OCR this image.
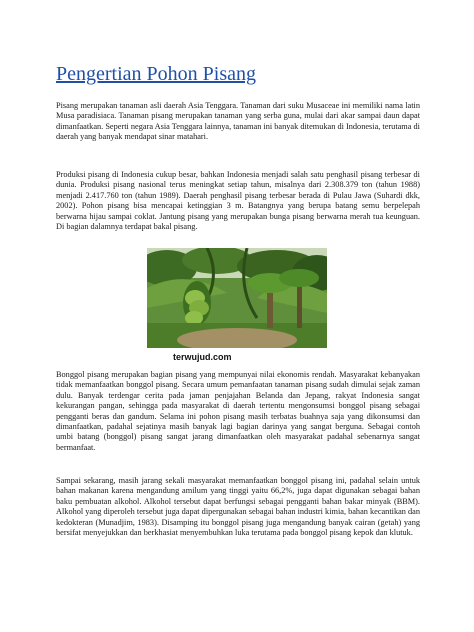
Pengertian Pohon Pisang

Pisang merupakan tanaman asli daerah Asia Tenggara. Tanaman dari suku Musaceae ini memiliki nama latin Musa paradisiaca. Tanaman pisang merupakan tanaman yang serba guna, mulai dari akar sampai daun dapat dimanfaatkan. Seperti negara Asia Tenggara lainnya, tanaman ini banyak ditemukan di Indonesia, terutama di daerah yang banyak mendapat sinar matahari.

Produksi pisang di Indonesia cukup besar, bahkan Indonesia menjadi salah satu penghasil pisang terbesar di dunia. Produksi pisang nasional terus meningkat setiap tahun, misalnya dari 2.308.379 ton (tahun 1988) menjadi 2.417.760 ton (tahun 1989). Daerah penghasil pisang terbesar berada di Pulau Jawa (Suhardi dkk, 2002). Pohon pisang bisa mencapai ketinggian 3 m. Batangnya yang berupa batang semu berpelepah berwarna hijau sampai coklat. Jantung pisang yang merupakan bunga pisang berwarna merah tua keunguan. Di bagian dalamnya terdapat bakal pisang.

terwujud.com

Bonggol pisang merupakan bagian pisang yang mempunyai nilai ekonomis rendah. Masyarakat kebanyakan tidak memanfaatkan bonggol pisang. Secara umum pemanfaatan tanaman pisang sudah dimulai sejak zaman dulu. Banyak terdengar cerita pada jaman penjajahan Belanda dan Jepang, rakyat Indonesia sangat kekurangan pangan, sehingga pada masyarakat di daerah tertentu mengonsumsi bonggol pisang sebagai pengganti beras dan gandum. Selama ini pohon pisang masih terbatas buahnya saja yang dikonsumsi dan dimanfaatkan, padahal sejatinya masih banyak lagi bagian darinya yang sangat berguna. Sebagai contoh umbi batang (bonggol) pisang sangat jarang dimanfaatkan oleh masyarakat padahal sebenarnya sangat bermanfaat.

Sampai sekarang, masih jarang sekali masyarakat memanfaatkan bonggol pisang ini, padahal selain untuk bahan makanan karena mengandung amilum yang tinggi yaitu 66,2%, juga dapat digunakan sebagai bahan baku pembuatan alkohol. Alkohol tersebut dapat berfungsi sebagai pengganti bahan bakar minyak (BBM). Alkohol yang diperoleh tersebut juga dapat dipergunakan sebagai bahan industri kimia, bahan kecantikan dan kedokteran (Munadjim, 1983). Disamping itu bonggol pisang juga mengandung banyak cairan (getah) yang bersifat menyejukkan dan berkhasiat menyembuhkan luka terutama pada bonggol pisang kepok dan klutuk.
